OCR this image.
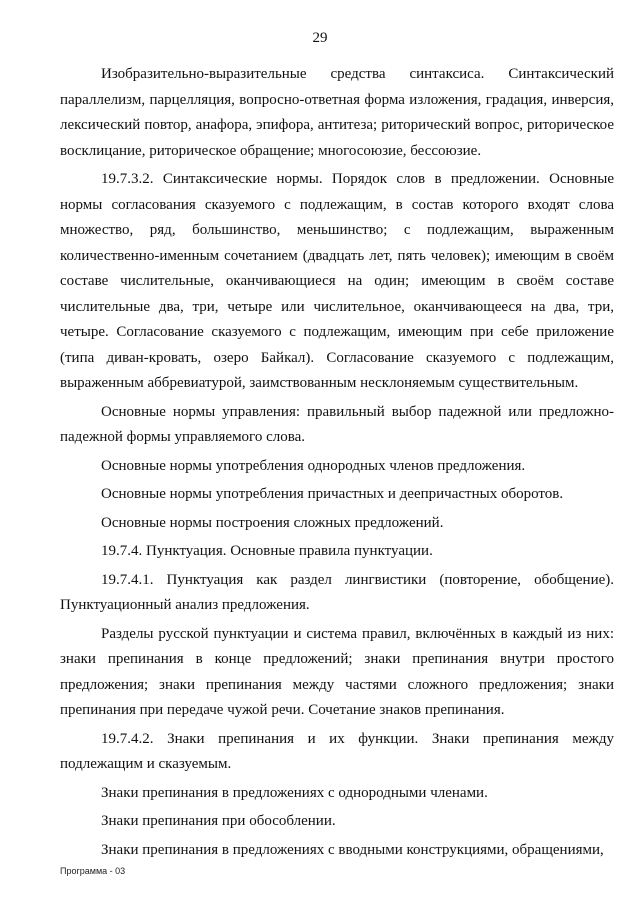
29

Изобразительно-выразительные средства синтаксиса. Синтаксический параллелизм, парцелляция, вопросно-ответная форма изложения, градация, инверсия, лексический повтор, анафора, эпифора, антитеза; риторический вопрос, риторическое восклицание, риторическое обращение; многосоюзие, бессоюзие.

19.7.3.2. Синтаксические нормы. Порядок слов в предложении. Основные нормы согласования сказуемого с подлежащим, в состав которого входят слова множество, ряд, большинство, меньшинство; с подлежащим, выраженным количественно-именным сочетанием (двадцать лет, пять человек); имеющим в своём составе числительные, оканчивающиеся на один; имеющим в своём составе числительные два, три, четыре или числительное, оканчивающееся на два, три, четыре. Согласование сказуемого с подлежащим, имеющим при себе приложение (типа диван-кровать, озеро Байкал). Согласование сказуемого с подлежащим, выраженным аббревиатурой, заимствованным несклоняемым существительным.

Основные нормы управления: правильный выбор падежной или предложно-падежной формы управляемого слова.

Основные нормы употребления однородных членов предложения.

Основные нормы употребления причастных и деепричастных оборотов.

Основные нормы построения сложных предложений.

19.7.4. Пунктуация. Основные правила пунктуации.

19.7.4.1. Пунктуация как раздел лингвистики (повторение, обобщение). Пунктуационный анализ предложения.

Разделы русской пунктуации и система правил, включённых в каждый из них: знаки препинания в конце предложений; знаки препинания внутри простого предложения; знаки препинания между частями сложного предложения; знаки препинания при передаче чужой речи. Сочетание знаков препинания.

19.7.4.2. Знаки препинания и их функции. Знаки препинания между подлежащим и сказуемым.

Знаки препинания в предложениях с однородными членами.

Знаки препинания при обособлении.

Знаки препинания в предложениях с вводными конструкциями, обращениями,

Программа - 03
